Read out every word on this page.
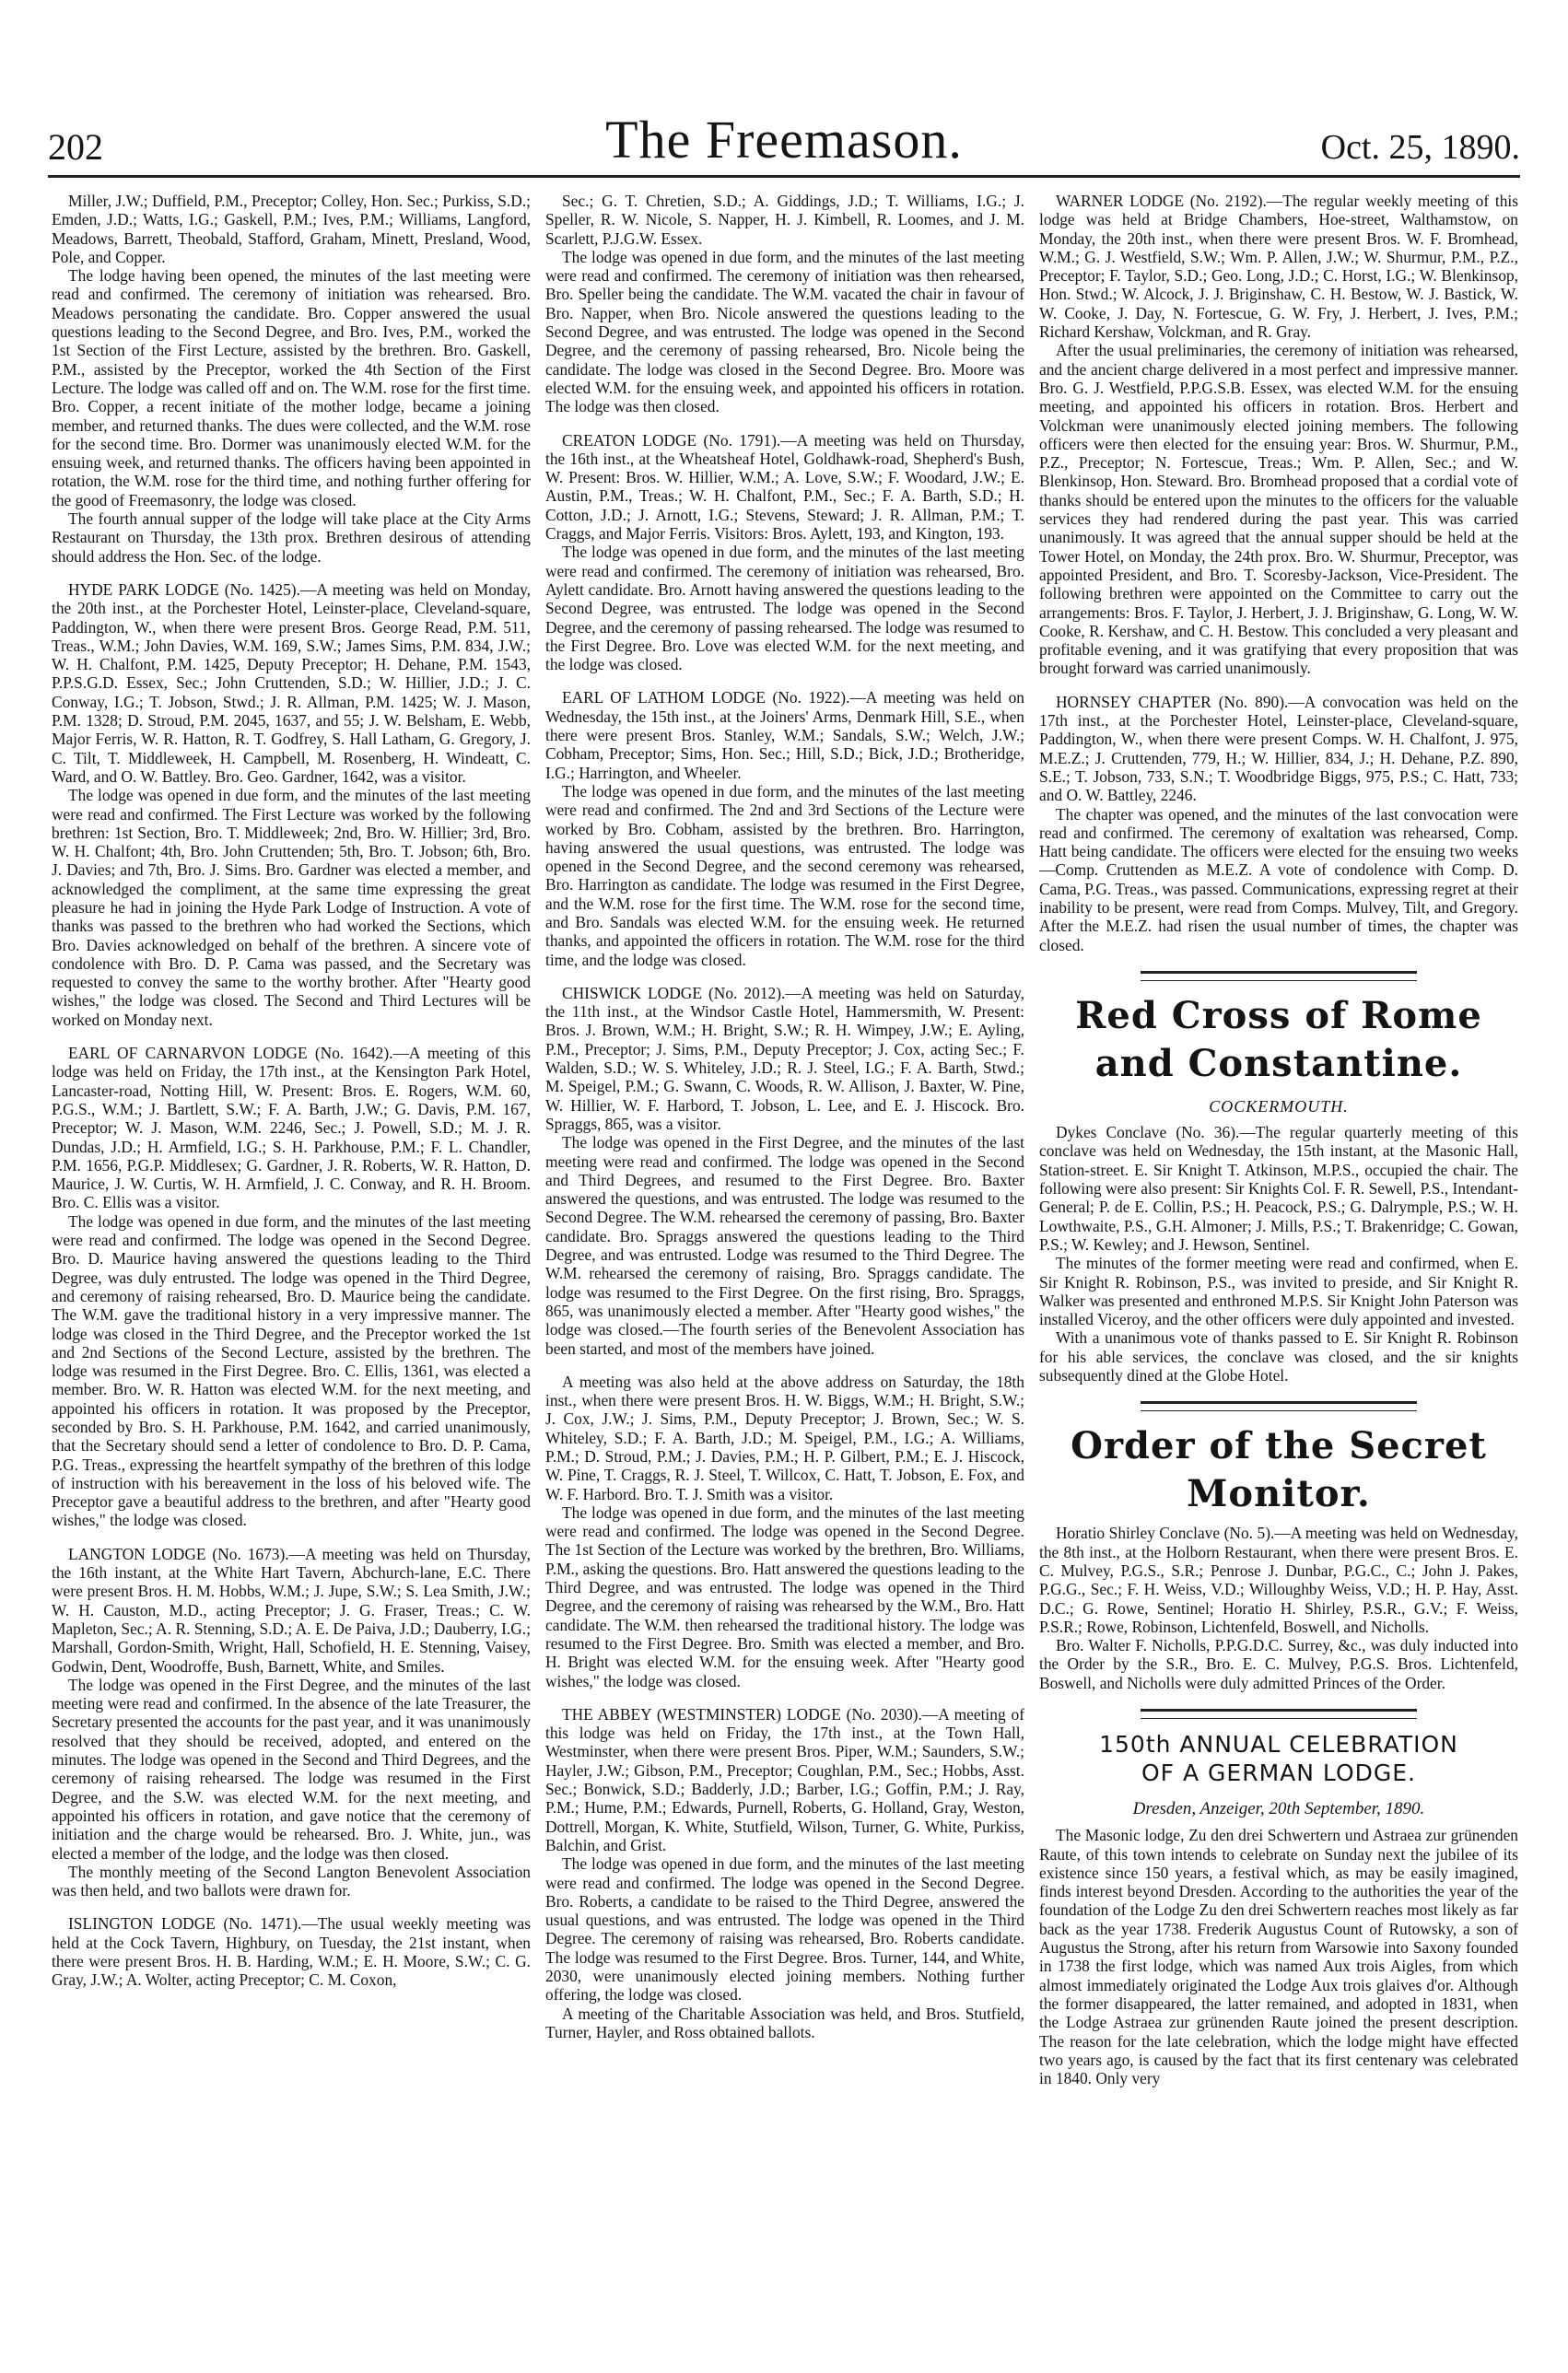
202	The Freemason.	Oct. 25, 1890.

Miller, J.W.; Duffield, P.M., Preceptor; Colley, Hon. Sec.; Purkiss, S.D.; Emden, J.D.; Watts, I.G.; Gaskell, P.M.; Ives, P.M.; Williams, Langford, Meadows, Barrett, Theobald, Stafford, Graham, Minett, Presland, Wood, Pole, and Copper.

The lodge having been opened, the minutes of the last meeting were read and confirmed. The ceremony of initiation was rehearsed. Bro. Meadows personating the candidate. Bro. Copper answered the usual questions leading to the Second Degree, and Bro. Ives, P.M., worked the 1st Section of the First Lecture, assisted by the brethren. Bro. Gaskell, P.M., assisted by the Preceptor, worked the 4th Section of the First Lecture. The lodge was called off and on. The W.M. rose for the first time. Bro. Copper, a recent initiate of the mother lodge, became a joining member, and returned thanks. The dues were collected, and the W.M. rose for the second time. Bro. Dormer was unanimously elected W.M. for the ensuing week, and returned thanks. The officers having been appointed in rotation, the W.M. rose for the third time, and nothing further offering for the good of Freemasonry, the lodge was closed.

The fourth annual supper of the lodge will take place at the City Arms Restaurant on Thursday, the 13th prox. Brethren desirous of attending should address the Hon. Sec. of the lodge.

HYDE PARK LODGE (No. 1425).—A meeting was held on Monday, the 20th inst., at the Porchester Hotel, Leinster-place, Cleveland-square, Paddington, W., when there were present Bros. George Read, P.M. 511, Treas., W.M.; John Davies, W.M. 169, S.W.; James Sims, P.M. 834, J.W.; W. H. Chalfont, P.M. 1425, Deputy Preceptor; H. Dehane, P.M. 1543, P.P.S.G.D. Essex, Sec.; John Cruttenden, S.D.; W. Hillier, J.D.; J. C. Conway, I.G.; T. Jobson, Stwd.; J. R. Allman, P.M. 1425; W. J. Mason, P.M. 1328; D. Stroud, P.M. 2045, 1637, and 55; J. W. Belsham, E. Webb, Major Ferris, W. R. Hatton, R. T. Godfrey, S. Hall Latham, G. Gregory, J. C. Tilt, T. Middleweek, H. Campbell, M. Rosenberg, H. Windeatt, C. Ward, and O. W. Battley. Bro. Geo. Gardner, 1642, was a visitor.

The lodge was opened in due form, and the minutes of the last meeting were read and confirmed. The First Lecture was worked by the following brethren: 1st Section, Bro. T. Middleweek; 2nd, Bro. W. Hillier; 3rd, Bro. W. H. Chalfont; 4th, Bro. John Cruttenden; 5th, Bro. T. Jobson; 6th, Bro. J. Davies; and 7th, Bro. J. Sims. Bro. Gardner was elected a member, and acknowledged the compliment, at the same time expressing the great pleasure he had in joining the Hyde Park Lodge of Instruction. A vote of thanks was passed to the brethren who had worked the Sections, which Bro. Davies acknowledged on behalf of the brethren. A sincere vote of condolence with Bro. D. P. Cama was passed, and the Secretary was requested to convey the same to the worthy brother. After "Hearty good wishes," the lodge was closed. The Second and Third Lectures will be worked on Monday next.

EARL OF CARNARVON LODGE (No. 1642).—A meeting of this lodge was held on Friday, the 17th inst., at the Kensington Park Hotel, Lancaster-road, Notting Hill, W. Present: Bros. E. Rogers, W.M. 60, P.G.S., W.M.; J. Bartlett, S.W.; F. A. Barth, J.W.; G. Davis, P.M. 167, Preceptor; W. J. Mason, W.M. 2246, Sec.; J. Powell, S.D.; M. J. R. Dundas, J.D.; H. Armfield, I.G.; S. H. Parkhouse, P.M.; F. L. Chandler, P.M. 1656, P.G.P. Middlesex; G. Gardner, J. R. Roberts, W. R. Hatton, D. Maurice, J. W. Curtis, W. H. Armfield, J. C. Conway, and R. H. Broom. Bro. C. Ellis was a visitor.

The lodge was opened in due form, and the minutes of the last meeting were read and confirmed. The lodge was opened in the Second Degree. Bro. D. Maurice having answered the questions leading to the Third Degree, was duly entrusted. The lodge was opened in the Third Degree, and ceremony of raising rehearsed, Bro. D. Maurice being the candidate. The W.M. gave the traditional history in a very impressive manner. The lodge was closed in the Third Degree, and the Preceptor worked the 1st and 2nd Sections of the Second Lecture, assisted by the brethren. The lodge was resumed in the First Degree. Bro. C. Ellis, 1361, was elected a member. Bro. W. R. Hatton was elected W.M. for the next meeting, and appointed his officers in rotation. It was proposed by the Preceptor, seconded by Bro. S. H. Parkhouse, P.M. 1642, and carried unanimously, that the Secretary should send a letter of condolence to Bro. D. P. Cama, P.G. Treas., expressing the heartfelt sympathy of the brethren of this lodge of instruction with his bereavement in the loss of his beloved wife. The Preceptor gave a beautiful address to the brethren, and after "Hearty good wishes," the lodge was closed.

LANGTON LODGE (No. 1673).—A meeting was held on Thursday, the 16th instant, at the White Hart Tavern, Abchurch-lane, E.C. There were present Bros. H. M. Hobbs, W.M.; J. Jupe, S.W.; S. Lea Smith, J.W.; W. H. Causton, M.D., acting Preceptor; J. G. Fraser, Treas.; C. W. Mapleton, Sec.; A. R. Stenning, S.D.; A. E. De Paiva, J.D.; Dauberry, I.G.; Marshall, Gordon-Smith, Wright, Hall, Schofield, H. E. Stenning, Vaisey, Godwin, Dent, Woodroffe, Bush, Barnett, White, and Smiles.

The lodge was opened in the First Degree, and the minutes of the last meeting were read and confirmed. In the absence of the late Treasurer, the Secretary presented the accounts for the past year, and it was unanimously resolved that they should be received, adopted, and entered on the minutes. The lodge was opened in the Second and Third Degrees, and the ceremony of raising rehearsed. The lodge was resumed in the First Degree, and the S.W. was elected W.M. for the next meeting, and appointed his officers in rotation, and gave notice that the ceremony of initiation and the charge would be rehearsed. Bro. J. White, jun., was elected a member of the lodge, and the lodge was then closed.

The monthly meeting of the Second Langton Benevolent Association was then held, and two ballots were drawn for.

ISLINGTON LODGE (No. 1471).—The usual weekly meeting was held at the Cock Tavern, Highbury, on Tuesday, the 21st instant, when there were present Bros. H. B. Harding, W.M.; E. H. Moore, S.W.; C. G. Gray, J.W.; A. Wolter, acting Preceptor; C. M. Coxon,

Sec.; G. T. Chretien, S.D.; A. Giddings, J.D.; T. Williams, I.G.; J. Speller, R. W. Nicole, S. Napper, H. J. Kimbell, R. Loomes, and J. M. Scarlett, P.J.G.W. Essex.

The lodge was opened in due form, and the minutes of the last meeting were read and confirmed. The ceremony of initiation was then rehearsed, Bro. Speller being the candidate. The W.M. vacated the chair in favour of Bro. Napper, when Bro. Nicole answered the questions leading to the Second Degree, and was entrusted. The lodge was opened in the Second Degree, and the ceremony of passing rehearsed, Bro. Nicole being the candidate. The lodge was closed in the Second Degree. Bro. Moore was elected W.M. for the ensuing week, and appointed his officers in rotation. The lodge was then closed.

CREATON LODGE (No. 1791).—A meeting was held on Thursday, the 16th inst., at the Wheatsheaf Hotel, Goldhawk-road, Shepherd's Bush, W. Present: Bros. W. Hillier, W.M.; A. Love, S.W.; F. Woodard, J.W.; E. Austin, P.M., Treas.; W. H. Chalfont, P.M., Sec.; F. A. Barth, S.D.; H. Cotton, J.D.; J. Arnott, I.G.; Stevens, Steward; J. R. Allman, P.M.; T. Craggs, and Major Ferris. Visitors: Bros. Aylett, 193, and Kington, 193.

The lodge was opened in due form, and the minutes of the last meeting were read and confirmed. The ceremony of initiation was rehearsed, Bro. Aylett candidate. Bro. Arnott having answered the questions leading to the Second Degree, was entrusted. The lodge was opened in the Second Degree, and the ceremony of passing rehearsed. The lodge was resumed to the First Degree. Bro. Love was elected W.M. for the next meeting, and the lodge was closed.

EARL OF LATHOM LODGE (No. 1922).—A meeting was held on Wednesday, the 15th inst., at the Joiners' Arms, Denmark Hill, S.E., when there were present Bros. Stanley, W.M.; Sandals, S.W.; Welch, J.W.; Cobham, Preceptor; Sims, Hon. Sec.; Hill, S.D.; Bick, J.D.; Brotheridge, I.G.; Harrington, and Wheeler.

The lodge was opened in due form, and the minutes of the last meeting were read and confirmed. The 2nd and 3rd Sections of the Lecture were worked by Bro. Cobham, assisted by the brethren. Bro. Harrington, having answered the usual questions, was entrusted. The lodge was opened in the Second Degree, and the second ceremony was rehearsed, Bro. Harrington as candidate. The lodge was resumed in the First Degree, and the W.M. rose for the first time. The W.M. rose for the second time, and Bro. Sandals was elected W.M. for the ensuing week. He returned thanks, and appointed the officers in rotation. The W.M. rose for the third time, and the lodge was closed.

CHISWICK LODGE (No. 2012).—A meeting was held on Saturday, the 11th inst., at the Windsor Castle Hotel, Hammersmith, W. Present: Bros. J. Brown, W.M.; H. Bright, S.W.; R. H. Wimpey, J.W.; E. Ayling, P.M., Preceptor; J. Sims, P.M., Deputy Preceptor; J. Cox, acting Sec.; F. Walden, S.D.; W. S. Whiteley, J.D.; R. J. Steel, I.G.; F. A. Barth, Stwd.; M. Speigel, P.M.; G. Swann, C. Woods, R. W. Allison, J. Baxter, W. Pine, W. Hillier, W. F. Harbord, T. Jobson, L. Lee, and E. J. Hiscock. Bro. Spraggs, 865, was a visitor.

The lodge was opened in the First Degree, and the minutes of the last meeting were read and confirmed. The lodge was opened in the Second and Third Degrees, and resumed to the First Degree. Bro. Baxter answered the questions, and was entrusted. The lodge was resumed to the Second Degree. The W.M. rehearsed the ceremony of passing, Bro. Baxter candidate. Bro. Spraggs answered the questions leading to the Third Degree, and was entrusted. Lodge was resumed to the Third Degree. The W.M. rehearsed the ceremony of raising, Bro. Spraggs candidate. The lodge was resumed to the First Degree. On the first rising, Bro. Spraggs, 865, was unanimously elected a member. After "Hearty good wishes," the lodge was closed.—The fourth series of the Benevolent Association has been started, and most of the members have joined.

A meeting was also held at the above address on Saturday, the 18th inst., when there were present Bros. H. W. Biggs, W.M.; H. Bright, S.W.; J. Cox, J.W.; J. Sims, P.M., Deputy Preceptor; J. Brown, Sec.; W. S. Whiteley, S.D.; F. A. Barth, J.D.; M. Speigel, P.M., I.G.; A. Williams, P.M.; D. Stroud, P.M.; J. Davies, P.M.; H. P. Gilbert, P.M.; E. J. Hiscock, W. Pine, T. Craggs, R. J. Steel, T. Willcox, C. Hatt, T. Jobson, E. Fox, and W. F. Harbord. Bro. T. J. Smith was a visitor.

The lodge was opened in due form, and the minutes of the last meeting were read and confirmed. The lodge was opened in the Second Degree. The 1st Section of the Lecture was worked by the brethren, Bro. Williams, P.M., asking the questions. Bro. Hatt answered the questions leading to the Third Degree, and was entrusted. The lodge was opened in the Third Degree, and the ceremony of raising was rehearsed by the W.M., Bro. Hatt candidate. The W.M. then rehearsed the traditional history. The lodge was resumed to the First Degree. Bro. Smith was elected a member, and Bro. H. Bright was elected W.M. for the ensuing week. After "Hearty good wishes," the lodge was closed.

THE ABBEY (WESTMINSTER) LODGE (No. 2030).—A meeting of this lodge was held on Friday, the 17th inst., at the Town Hall, Westminster, when there were present Bros. Piper, W.M.; Saunders, S.W.; Hayler, J.W.; Gibson, P.M., Preceptor; Coughlan, P.M., Sec.; Hobbs, Asst. Sec.; Bonwick, S.D.; Badderly, J.D.; Barber, I.G.; Goffin, P.M.; J. Ray, P.M.; Hume, P.M.; Edwards, Purnell, Roberts, G. Holland, Gray, Weston, Dottrell, Morgan, K. White, Stutfield, Wilson, Turner, G. White, Purkiss, Balchin, and Grist.

The lodge was opened in due form, and the minutes of the last meeting were read and confirmed. The lodge was opened in the Second Degree. Bro. Roberts, a candidate to be raised to the Third Degree, answered the usual questions, and was entrusted. The lodge was opened in the Third Degree. The ceremony of raising was rehearsed, Bro. Roberts candidate. The lodge was resumed to the First Degree. Bros. Turner, 144, and White, 2030, were unanimously elected joining members. Nothing further offering, the lodge was closed.

A meeting of the Charitable Association was held, and Bros. Stutfield, Turner, Hayler, and Ross obtained ballots.

WARNER LODGE (No. 2192).—The regular weekly meeting of this lodge was held at Bridge Chambers, Hoe-street, Walthamstow, on Monday, the 20th inst., when there were present Bros. W. F. Bromhead, W.M.; G. J. Westfield, S.W.; Wm. P. Allen, J.W.; W. Shurmur, P.M., P.Z., Preceptor; F. Taylor, S.D.; Geo. Long, J.D.; C. Horst, I.G.; W. Blenkinsop, Hon. Stwd.; W. Alcock, J. J. Briginshaw, C. H. Bestow, W. J. Bastick, W. W. Cooke, J. Day, N. Fortescue, G. W. Fry, J. Herbert, J. Ives, P.M.; Richard Kershaw, Volckman, and R. Gray.

After the usual preliminaries, the ceremony of initiation was rehearsed, and the ancient charge delivered in a most perfect and impressive manner. Bro. G. J. Westfield, P.P.G.S.B. Essex, was elected W.M. for the ensuing meeting, and appointed his officers in rotation. Bros. Herbert and Volckman were unanimously elected joining members. The following officers were then elected for the ensuing year: Bros. W. Shurmur, P.M., P.Z., Preceptor; N. Fortescue, Treas.; Wm. P. Allen, Sec.; and W. Blenkinsop, Hon. Steward. Bro. Bromhead proposed that a cordial vote of thanks should be entered upon the minutes to the officers for the valuable services they had rendered during the past year. This was carried unanimously. It was agreed that the annual supper should be held at the Tower Hotel, on Monday, the 24th prox. Bro. W. Shurmur, Preceptor, was appointed President, and Bro. T. Scoresby-Jackson, Vice-President. The following brethren were appointed on the Committee to carry out the arrangements: Bros. F. Taylor, J. Herbert, J. J. Briginshaw, G. Long, W. W. Cooke, R. Kershaw, and C. H. Bestow. This concluded a very pleasant and profitable evening, and it was gratifying that every proposition that was brought forward was carried unanimously.

HORNSEY CHAPTER (No. 890).—A convocation was held on the 17th inst., at the Porchester Hotel, Leinster-place, Cleveland-square, Paddington, W., when there were present Comps. W. H. Chalfont, J. 975, M.E.Z.; J. Cruttenden, 779, H.; W. Hillier, 834, J.; H. Dehane, P.Z. 890, S.E.; T. Jobson, 733, S.N.; T. Woodbridge Biggs, 975, P.S.; C. Hatt, 733; and O. W. Battley, 2246.

The chapter was opened, and the minutes of the last convocation were read and confirmed. The ceremony of exaltation was rehearsed, Comp. Hatt being candidate. The officers were elected for the ensuing two weeks—Comp. Cruttenden as M.E.Z. A vote of condolence with Comp. D. Cama, P.G. Treas., was passed. Communications, expressing regret at their inability to be present, were read from Comps. Mulvey, Tilt, and Gregory. After the M.E.Z. had risen the usual number of times, the chapter was closed.

Red Cross of Rome and Constantine.
COCKERMOUTH.

Dykes Conclave (No. 36).—The regular quarterly meeting of this conclave was held on Wednesday, the 15th instant, at the Masonic Hall, Station-street. E. Sir Knight T. Atkinson, M.P.S., occupied the chair. The following were also present: Sir Knights Col. F. R. Sewell, P.S., Intendant-General; P. de E. Collin, P.S.; H. Peacock, P.S.; G. Dalrymple, P.S.; W. H. Lowthwaite, P.S., G.H. Almoner; J. Mills, P.S.; T. Brakenridge; C. Gowan, P.S.; W. Kewley; and J. Hewson, Sentinel.

The minutes of the former meeting were read and confirmed, when E. Sir Knight R. Robinson, P.S., was invited to preside, and Sir Knight R. Walker was presented and enthroned M.P.S. Sir Knight John Paterson was installed Viceroy, and the other officers were duly appointed and invested.

With a unanimous vote of thanks passed to E. Sir Knight R. Robinson for his able services, the conclave was closed, and the sir knights subsequently dined at the Globe Hotel.

Order of the Secret Monitor.

Horatio Shirley Conclave (No. 5).—A meeting was held on Wednesday, the 8th inst., at the Holborn Restaurant, when there were present Bros. E. C. Mulvey, P.G.S., S.R.; Penrose J. Dunbar, P.G.C., C.; John J. Pakes, P.G.G., Sec.; F. H. Weiss, V.D.; Willoughby Weiss, V.D.; H. P. Hay, Asst. D.C.; G. Rowe, Sentinel; Horatio H. Shirley, P.S.R., G.V.; F. Weiss, P.S.R.; Rowe, Robinson, Lichtenfeld, Boswell, and Nicholls.

Bro. Walter F. Nicholls, P.P.G.D.C. Surrey, &c., was duly inducted into the Order by the S.R., Bro. E. C. Mulvey, P.G.S. Bros. Lichtenfeld, Boswell, and Nicholls were duly admitted Princes of the Order.

150th ANNUAL CELEBRATION
OF A GERMAN LODGE.
Dresden, Anzeiger, 20th September, 1890.

The Masonic lodge, Zu den drei Schwertern und Astraea zur grünenden Raute, of this town intends to celebrate on Sunday next the jubilee of its existence since 150 years, a festival which, as may be easily imagined, finds interest beyond Dresden. According to the authorities the year of the foundation of the Lodge Zu den drei Schwertern reaches most likely as far back as the year 1738. Frederik Augustus Count of Rutowsky, a son of Augustus the Strong, after his return from Warsowie into Saxony founded in 1738 the first lodge, which was named Aux trois Aigles, from which almost immediately originated the Lodge Aux trois glaives d'or. Although the former disappeared, the latter remained, and adopted in 1831, when the Lodge Astraea zur grünenden Raute joined the present description. The reason for the late celebration, which the lodge might have effected two years ago, is caused by the fact that its first centenary was celebrated in 1840. Only very
